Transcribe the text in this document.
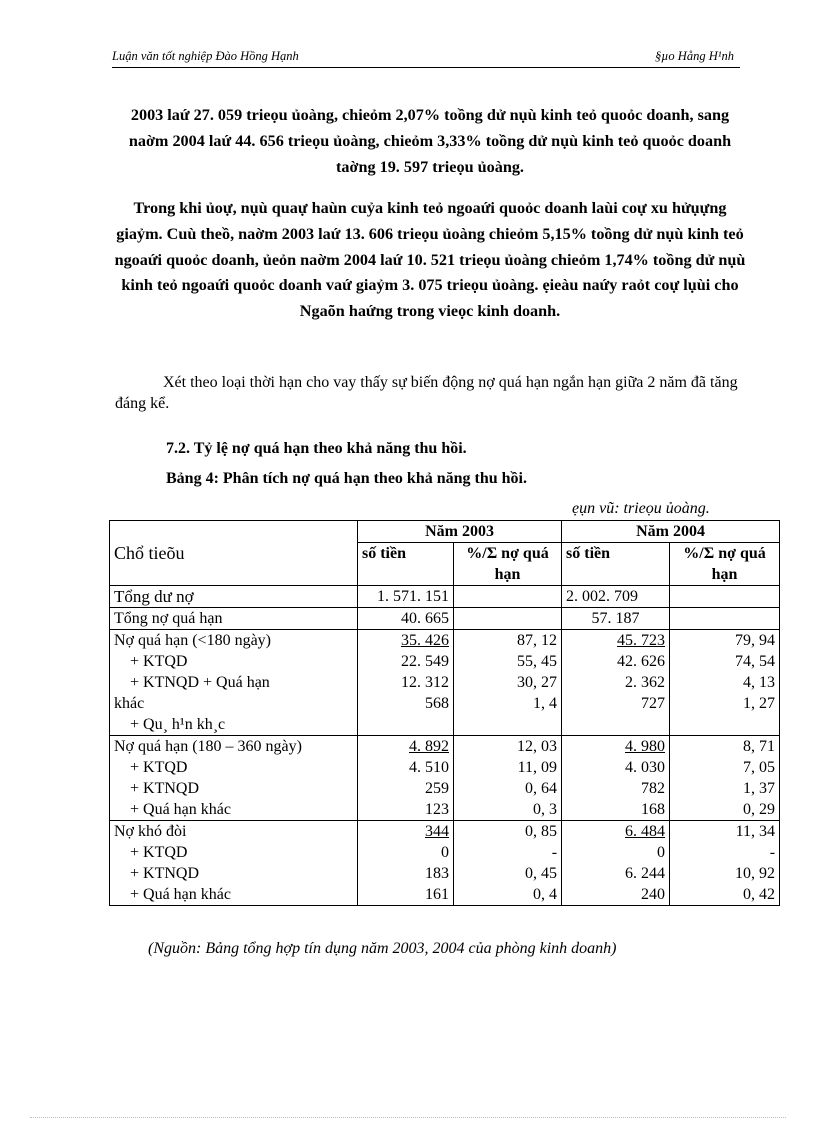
Luận văn tốt nghiệp Đào Hồng Hạnh	§µo Hång H¹nh
2003 laứ 27. 059 trieọu ủoàng, chieỏm 2,07% toồng dử nụù kinh teỏ quoỏc doanh, sang naờm 2004 laứ 44. 656 trieọu ủoàng, chieỏm 3,33% toồng dử nụù kinh teỏ quoỏc doanh taờng 19. 597 trieọu ủoàng.
Trong khi ủoự, nụù quaự haùn cuỷa kinh teỏ ngoaứi quoỏc doanh laùi coự xu hửụựng giaỷm. Cuù theồ, naờm 2003 laứ 13. 606 trieọu ủoàng chieỏm 5,15% toồng dử nụù kinh teỏ ngoaứi quoỏc doanh, ủeỏn naờm 2004 laứ 10. 521 trieọu ủoàng chieỏm 1,74% toồng dử nụù kinh teỏ ngoaứi quoỏc doanh vaứ giaỷm 3. 075 trieọu ủoàng. ẹieàu naứy raỏt coự lụùi cho Ngaõn haứng trong vieọc kinh doanh.
Xét theo loại thời hạn cho vay thấy sự biến động nợ quá hạn ngắn hạn giữa 2 năm đã tăng đáng kể.
7.2. Tỷ lệ nợ quá hạn theo khả năng thu hồi.
Bảng 4: Phân tích nợ quá hạn theo khả năng thu hồi.
ẹụn vũ: trieọu ủoàng.
Chổ tieõu	Năm 2003		Năm 2004	
	số tiền	%/Σ nợ quá hạn	số tiền	%/Σ nợ quá hạn
Tổng dư nợ	1. 571. 151		2. 002. 709	
Tổng nợ quá hạn	40. 665		57. 187	
Nợ quá hạn (<180 ngày)	35. 426	87, 12	45. 723	79, 94
+ KTQD	22. 549	55, 45	42. 626	74, 54
+ KTNQD + Quá hạn	12. 312	30, 27	2. 362	4, 13
khác	568	1, 4	727	1, 27
+ Qu¸ h¹n kh¸c				
Nợ quá hạn (180 – 360 ngày)	4. 892	12, 03	4. 980	8, 71
+ KTQD	4. 510	11, 09	4. 030	7, 05
+ KTNQD	259	0, 64	782	1, 37
+ Quá hạn khác	123	0, 3	168	0, 29
Nợ khó đòi	344	0, 85	6. 484	11, 34
+ KTQD	0	-	0	-
+ KTNQD	183	0, 45	6. 244	10, 92
+ Quá hạn khác	161	0, 4	240	0, 42
(Nguồn: Bảng tổng hợp tín dụng năm 2003, 2004 của phòng kinh doanh)
